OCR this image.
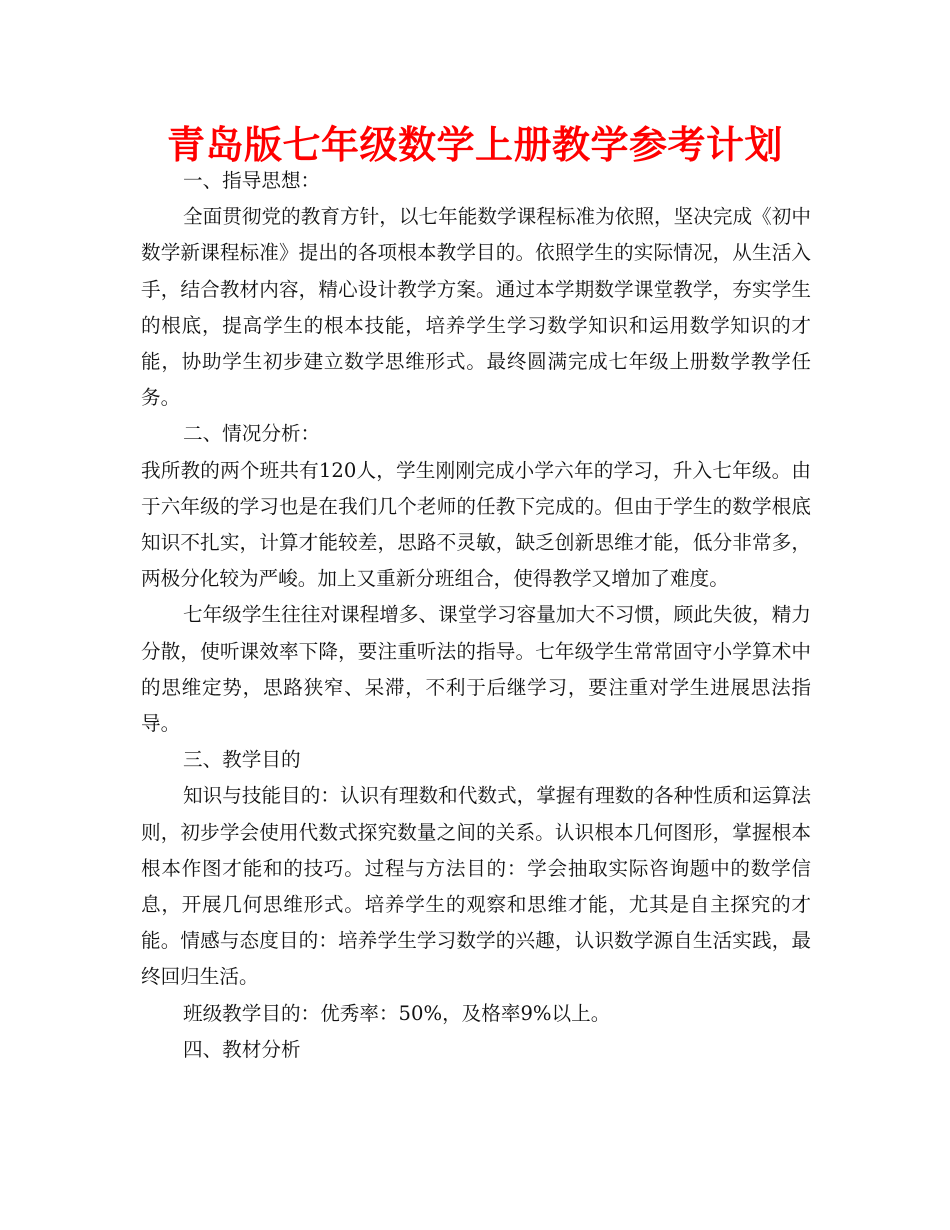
青岛版七年级数学上册教学参考计划

一、指导思想：

全面贯彻党的教育方针，以七年能数学课程标准为依照，坚决完成《初中数学新课程标准》提出的各项根本教学目的。依照学生的实际情况，从生活入手，结合教材内容，精心设计教学方案。通过本学期数学课堂教学，夯实学生的根底，提高学生的根本技能，培养学生学习数学知识和运用数学知识的才能，协助学生初步建立数学思维形式。最终圆满完成七年级上册数学教学任务。

二、情况分析：

我所教的两个班共有120人，学生刚刚完成小学六年的学习，升入七年级。由于六年级的学习也是在我们几个老师的任教下完成的。但由于学生的数学根底知识不扎实，计算才能较差，思路不灵敏，缺乏创新思维才能，低分非常多，两极分化较为严峻。加上又重新分班组合，使得教学又增加了难度。

七年级学生往往对课程增多、课堂学习容量加大不习惯，顾此失彼，精力分散，使听课效率下降，要注重听法的指导。七年级学生常常固守小学算术中的思维定势，思路狭窄、呆滞，不利于后继学习，要注重对学生进展思法指导。

三、教学目的

知识与技能目的：认识有理数和代数式，掌握有理数的各种性质和运算法则，初步学会使用代数式探究数量之间的关系。认识根本几何图形，掌握根本根本作图才能和的技巧。过程与方法目的：学会抽取实际咨询题中的数学信息，开展几何思维形式。培养学生的观察和思维才能，尤其是自主探究的才能。情感与态度目的：培养学生学习数学的兴趣，认识数学源自生活实践，最终回归生活。

班级教学目的：优秀率：50%，及格率9%以上。

四、教材分析
